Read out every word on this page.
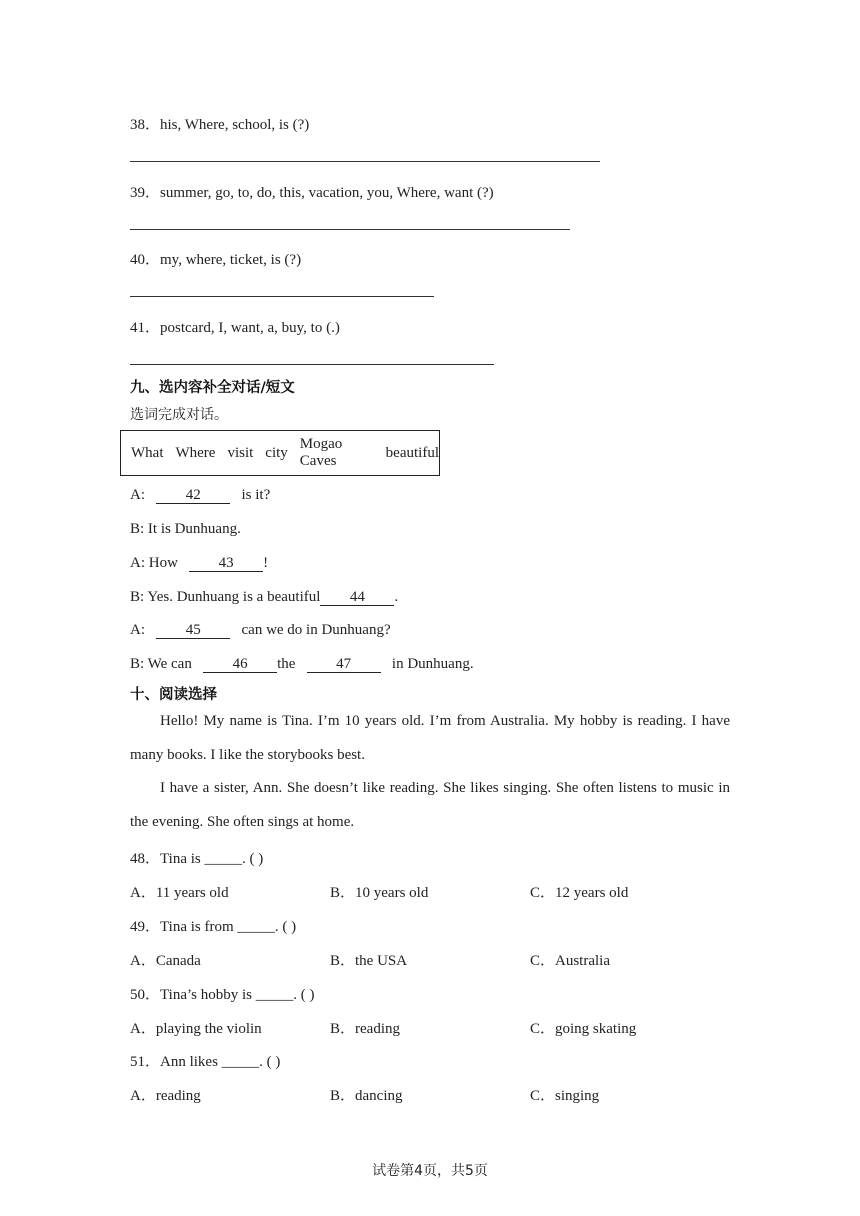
38．his, Where, school, is (?)
39．summer, go, to, do, this, vacation, you, Where, want (?)
40．my, where, ticket, is (?)
41．postcard, I, want, a, buy, to (.)
九、选内容补全对话/短文
选词完成对话。
What Where visit city
Mogao Caves
beautiful
A:	42	is it?
B: It is Dunhuang.
A: How	43 !
B: Yes. Dunhuang is a beautiful 44 .
A:	45	can we do in Dunhuang?
B: We can	46 the	47	in Dunhuang.
十、阅读选择
Hello! My name is Tina. I’m 10 years old. I’m from Australia. My hobby is reading. I have many books. I like the storybooks best.
I have a sister, Ann. She doesn’t like reading. She likes singing. She often listens to music in the evening. She often sings at home.
48．Tina is _____. ( )
A．11 years old	B．10 years old	C．12 years old
49．Tina is from _____. ( )
A．Canada	B．the USA	C．Australia
50．Tina’s hobby is _____. ( )
A．playing the violin	B．reading	C．going skating
51．Ann likes _____. ( )
A．reading	B．dancing	C．singing
试卷第4页，共5页
